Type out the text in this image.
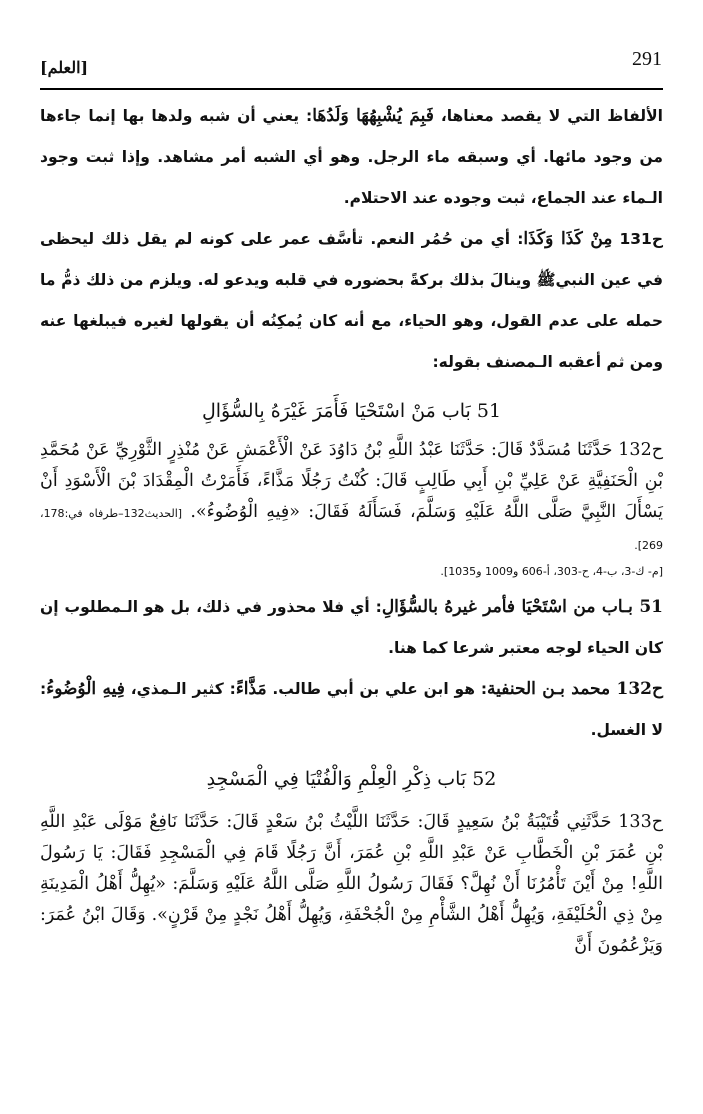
291
[العلم]

الألفاظ التي لا يقصد معناها، فَبِمَ يُشْبِهُهَا وَلَدُهَا: يعني أن شبه ولدها بها إنما جاءها من وجود مائها. أي وسبقه ماء الرجل. وهو أي الشبه أمر مشاهد. وإذا ثبت وجود الـماء عند الجماع، ثبت وجوده عند الاحتلام.

ح131 مِنْ كَذَا وَكَذَا: أي من حُمُر النعم. تأسَّف عمر على كونه لم يقل ذلك ليحظى في عين النبيﷺ وينالَ بذلك بركةً بحضوره في قلبه ويدعو له. ويلزم من ذلك ذمُّ ما حمله على عدم القول، وهو الحياء، مع أنه كان يُمكِنُه أن يقولها لغيره فيبلغها عنه ومن ثم أعقبه الـمصنف بقوله:

51 بَاب مَنْ اسْتَحْيَا فَأَمَرَ غَيْرَهُ بِالسُّؤَالِ

ح132 حَدَّثَنَا مُسَدَّدٌ قَالَ: حَدَّثَنَا عَبْدُ اللَّهِ بْنُ دَاوُدَ عَنْ الْأَعْمَشِ عَنْ مُنْذِرٍ الثَّوْرِيِّ عَنْ مُحَمَّدِ بْنِ الْحَنَفِيَّةِ عَنْ عَلِيِّ بْنِ أَبِي طَالِبٍ قَالَ: كُنْتُ رَجُلًا مَذَّاءً، فَأَمَرْتُ الْمِقْدَادَ بْنَ الْأَسْوَدِ أَنْ يَسْأَلَ النَّبِيَّ صَلَّى اللَّهُ عَلَيْهِ وَسَلَّمَ، فَسَأَلَهُ فَقَالَ: «فِيهِ الْوُضُوءُ». [الحديث132–طرفاه في:178، 269].

[م- ك-3، ب-4، ح-303، أ-606 و1009 و1035].

51 بـاب من اسْتَحْيَا فأمر غيرهُ بالسُّؤَالِ: أي فلا محذور في ذلك، بل هو الـمطلوب إن كان الحياء لوجه معتبر شرعا كما هنا.

ح132 محمد بـن الحنفية: هو ابن علي بن أبي طالب. مَذَّاءً: كثير الـمذي، فِيهِ الْوُضُوءُ: لا الغسل.

52 بَاب ذِكْرِ الْعِلْمِ وَالْفُتْيَا فِي الْمَسْجِدِ

ح133 حَدَّثَنِي قُتَيْبَةُ بْنُ سَعِيدٍ قَالَ: حَدَّثَنَا اللَّيْثُ بْنُ سَعْدٍ قَالَ: حَدَّثَنَا نَافِعٌ مَوْلَى عَبْدِ اللَّهِ بْنِ عُمَرَ بْنِ الْخَطَّابِ عَنْ عَبْدِ اللَّهِ بْنِ عُمَرَ، أَنَّ رَجُلًا قَامَ فِي الْمَسْجِدِ فَقَالَ: يَا رَسُولَ اللَّهِ! مِنْ أَيْنَ تَأْمُرُنَا أَنْ نُهِلَّ؟ فَقَالَ رَسُولُ اللَّهِ صَلَّى اللَّهُ عَلَيْهِ وَسَلَّمَ: «يُهِلُّ أَهْلُ الْمَدِينَةِ مِنْ ذِي الْحُلَيْفَةِ، وَيُهِلُّ أَهْلُ الشَّأْمِ مِنْ الْجُحْفَةِ، وَيُهِلُّ أَهْلُ نَجْدٍ مِنْ قَرْنٍ». وَقَالَ ابْنُ عُمَرَ: وَيَزْعُمُونَ أَنَّ
